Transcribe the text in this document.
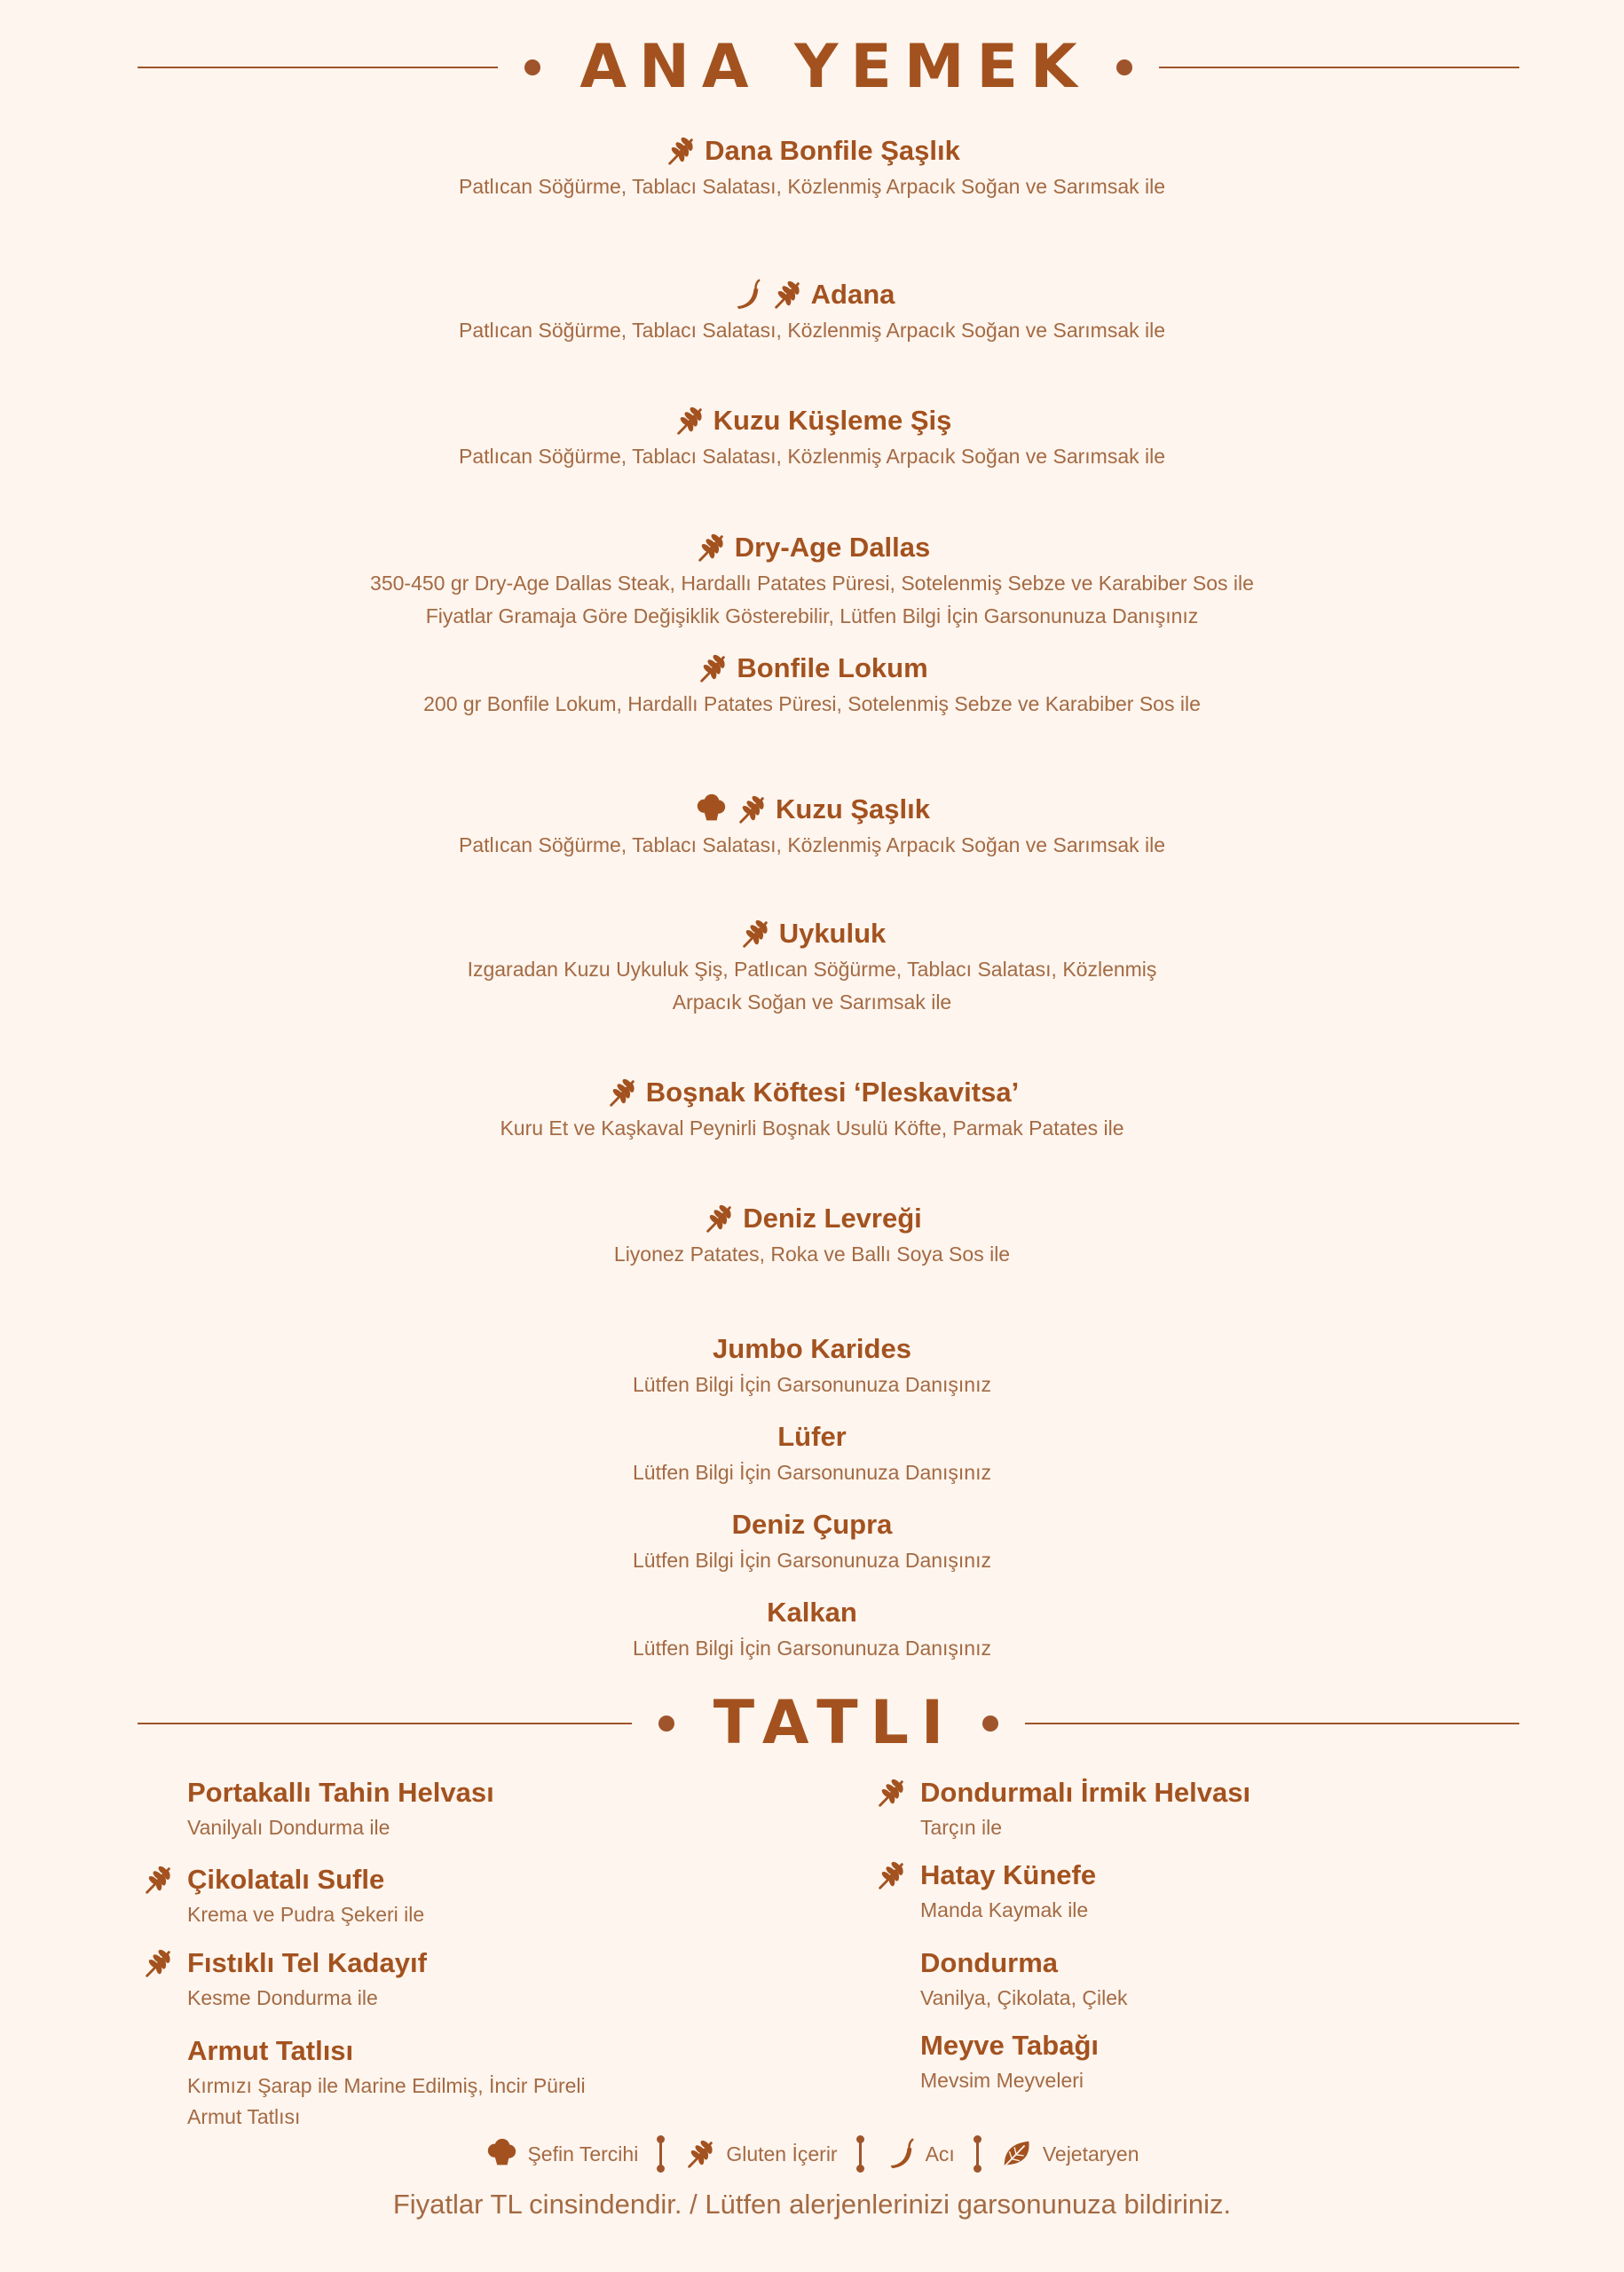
ANA YEMEK
Dana Bonfile Şaşlık
Patlıcan Söğürme, Tablacı Salatası, Közlenmiş Arpacık Soğan ve Sarımsak ile
Adana
Patlıcan Söğürme, Tablacı Salatası, Közlenmiş Arpacık Soğan ve Sarımsak ile
Kuzu Küşleme Şiş
Patlıcan Söğürme, Tablacı Salatası, Közlenmiş Arpacık Soğan ve Sarımsak ile
Dry-Age Dallas
350-450 gr Dry-Age Dallas Steak, Hardallı Patates Püresi, Sotelenmiş Sebze ve Karabiber Sos ile
Fiyatlar Gramaja Göre Değişiklik Gösterebilir, Lütfen Bilgi İçin Garsonunuza Danışınız
Bonfile Lokum
200 gr Bonfile Lokum, Hardallı Patates Püresi, Sotelenmiş Sebze ve Karabiber Sos ile
Kuzu Şaşlık
Patlıcan Söğürme, Tablacı Salatası, Közlenmiş Arpacık Soğan ve Sarımsak ile
Uykuluk
Izgaradan Kuzu Uykuluk Şiş, Patlıcan Söğürme, Tablacı Salatası, Közlenmiş
Arpacık Soğan ve Sarımsak ile
Boşnak Köftesi ‘Pleskavitsa’
Kuru Et ve Kaşkaval Peynirli Boşnak Usulü Köfte, Parmak Patates ile
Deniz Levreği
Liyonez Patates, Roka ve Ballı Soya Sos ile
Jumbo Karides
Lütfen Bilgi İçin Garsonunuza Danışınız
Lüfer
Lütfen Bilgi İçin Garsonunuza Danışınız
Deniz Çupra
Lütfen Bilgi İçin Garsonunuza Danışınız
Kalkan
Lütfen Bilgi İçin Garsonunuza Danışınız
TATLI
Portakallı Tahin Helvası
Vanilyalı Dondurma ile
Çikolatalı Sufle
Krema ve Pudra Şekeri ile
Fıstıklı Tel Kadayıf
Kesme Dondurma ile
Armut Tatlısı
Kırmızı Şarap ile Marine Edilmiş, İncir Püreli
Armut Tatlısı
Dondurmalı İrmik Helvası
Tarçın ile
Hatay Künefe
Manda Kaymak ile
Dondurma
Vanilya, Çikolata, Çilek
Meyve Tabağı
Mevsim Meyveleri
Şefin Tercihi	Gluten İçerir	Acı	Vejetaryen
Fiyatlar TL cinsindendir. / Lütfen alerjenlerinizi garsonunuza bildiriniz.
